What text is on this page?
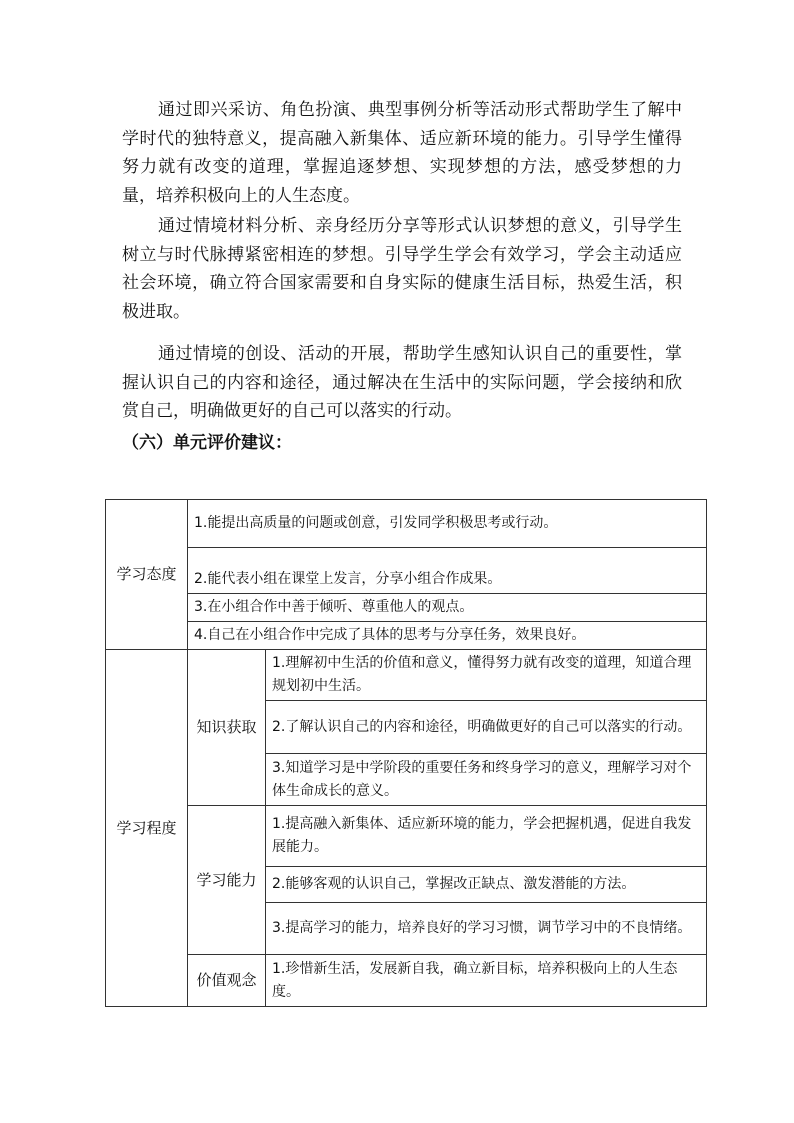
通过即兴采访、角色扮演、典型事例分析等活动形式帮助学生了解中学时代的独特意义，提高融入新集体、适应新环境的能力。引导学生懂得努力就有改变的道理，掌握追逐梦想、实现梦想的方法，感受梦想的力量，培养积极向上的人生态度。

通过情境材料分析、亲身经历分享等形式认识梦想的意义，引导学生树立与时代脉搏紧密相连的梦想。引导学生学会有效学习，学会主动适应社会环境，确立符合国家需要和自身实际的健康生活目标，热爱生活，积极进取。

通过情境的创设、活动的开展，帮助学生感知认识自己的重要性，掌握认识自己的内容和途径，通过解决在生活中的实际问题，学会接纳和欣赏自己，明确做更好的自己可以落实的行动。

（六）单元评价建议：

学习态度	1.能提出高质量的问题或创意，引发同学积极思考或行动。	
	2.能代表小组在课堂上发言，分享小组合作成果。	
	3.在小组合作中善于倾听、尊重他人的观点。	
	4.自己在小组合作中完成了具体的思考与分享任务，效果良好。	
学习程度	知识获取	1.理解初中生活的价值和意义，懂得努力就有改变的道理，知道合理规划初中生活。
		2.了解认识自己的内容和途径，明确做更好的自己可以落实的行动。
		3.知道学习是中学阶段的重要任务和终身学习的意义，理解学习对个体生命成长的意义。
	学习能力	1.提高融入新集体、适应新环境的能力，学会把握机遇，促进自我发展能力。
		2.能够客观的认识自己，掌握改正缺点、激发潜能的方法。
		3.提高学习的能力，培养良好的学习习惯，调节学习中的不良情绪。
	价值观念	1.珍惜新生活，发展新自我，确立新目标，培养积极向上的人生态度。
